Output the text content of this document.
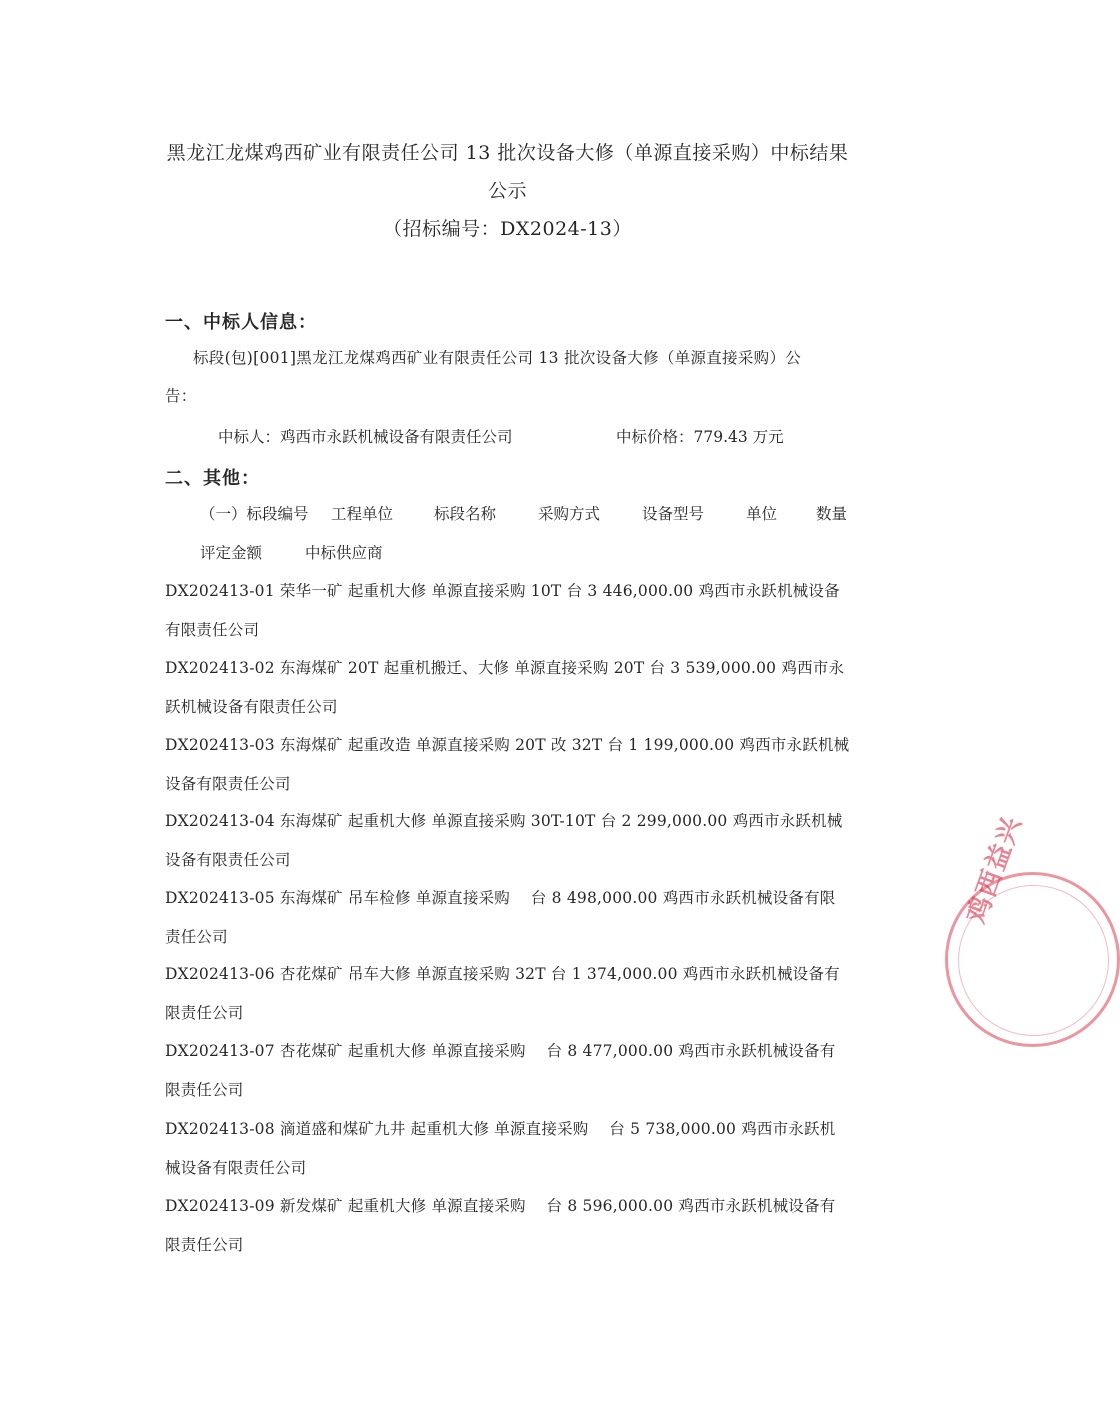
黑龙江龙煤鸡西矿业有限责任公司 13 批次设备大修（单源直接采购）中标结果
公示
（招标编号：DX2024-13）
一、中标人信息：
标段(包)[001]黑龙江龙煤鸡西矿业有限责任公司 13 批次设备大修（单源直接采购）公
告：
中标人：鸡西市永跃机械设备有限责任公司	中标价格：779.43 万元
二、其他：
（一）标段编号 工程单位	标段名称	采购方式	设备型号	单位	数量
评定金额	中标供应商
DX202413-01 荣华一矿 起重机大修 单源直接采购 10T 台 3 446,000.00 鸡西市永跃机械设备
有限责任公司
DX202413-02 东海煤矿 20T 起重机搬迁、大修 单源直接采购 20T 台 3 539,000.00 鸡西市永
跃机械设备有限责任公司
DX202413-03 东海煤矿 起重改造 单源直接采购 20T 改 32T 台 1 199,000.00 鸡西市永跃机械
设备有限责任公司
DX202413-04 东海煤矿 起重机大修 单源直接采购 30T-10T 台 2 299,000.00 鸡西市永跃机械
设备有限责任公司
DX202413-05 东海煤矿 吊车检修 单源直接采购　 台 8 498,000.00 鸡西市永跃机械设备有限
责任公司
DX202413-06 杏花煤矿 吊车大修 单源直接采购 32T 台 1 374,000.00 鸡西市永跃机械设备有
限责任公司
DX202413-07 杏花煤矿 起重机大修 单源直接采购　 台 8 477,000.00 鸡西市永跃机械设备有
限责任公司
DX202413-08 滴道盛和煤矿九井 起重机大修 单源直接采购　 台 5 738,000.00 鸡西市永跃机
械设备有限责任公司
DX202413-09 新发煤矿 起重机大修 单源直接采购　 台 8 596,000.00 鸡西市永跃机械设备有
限责任公司
鸡西益兴
